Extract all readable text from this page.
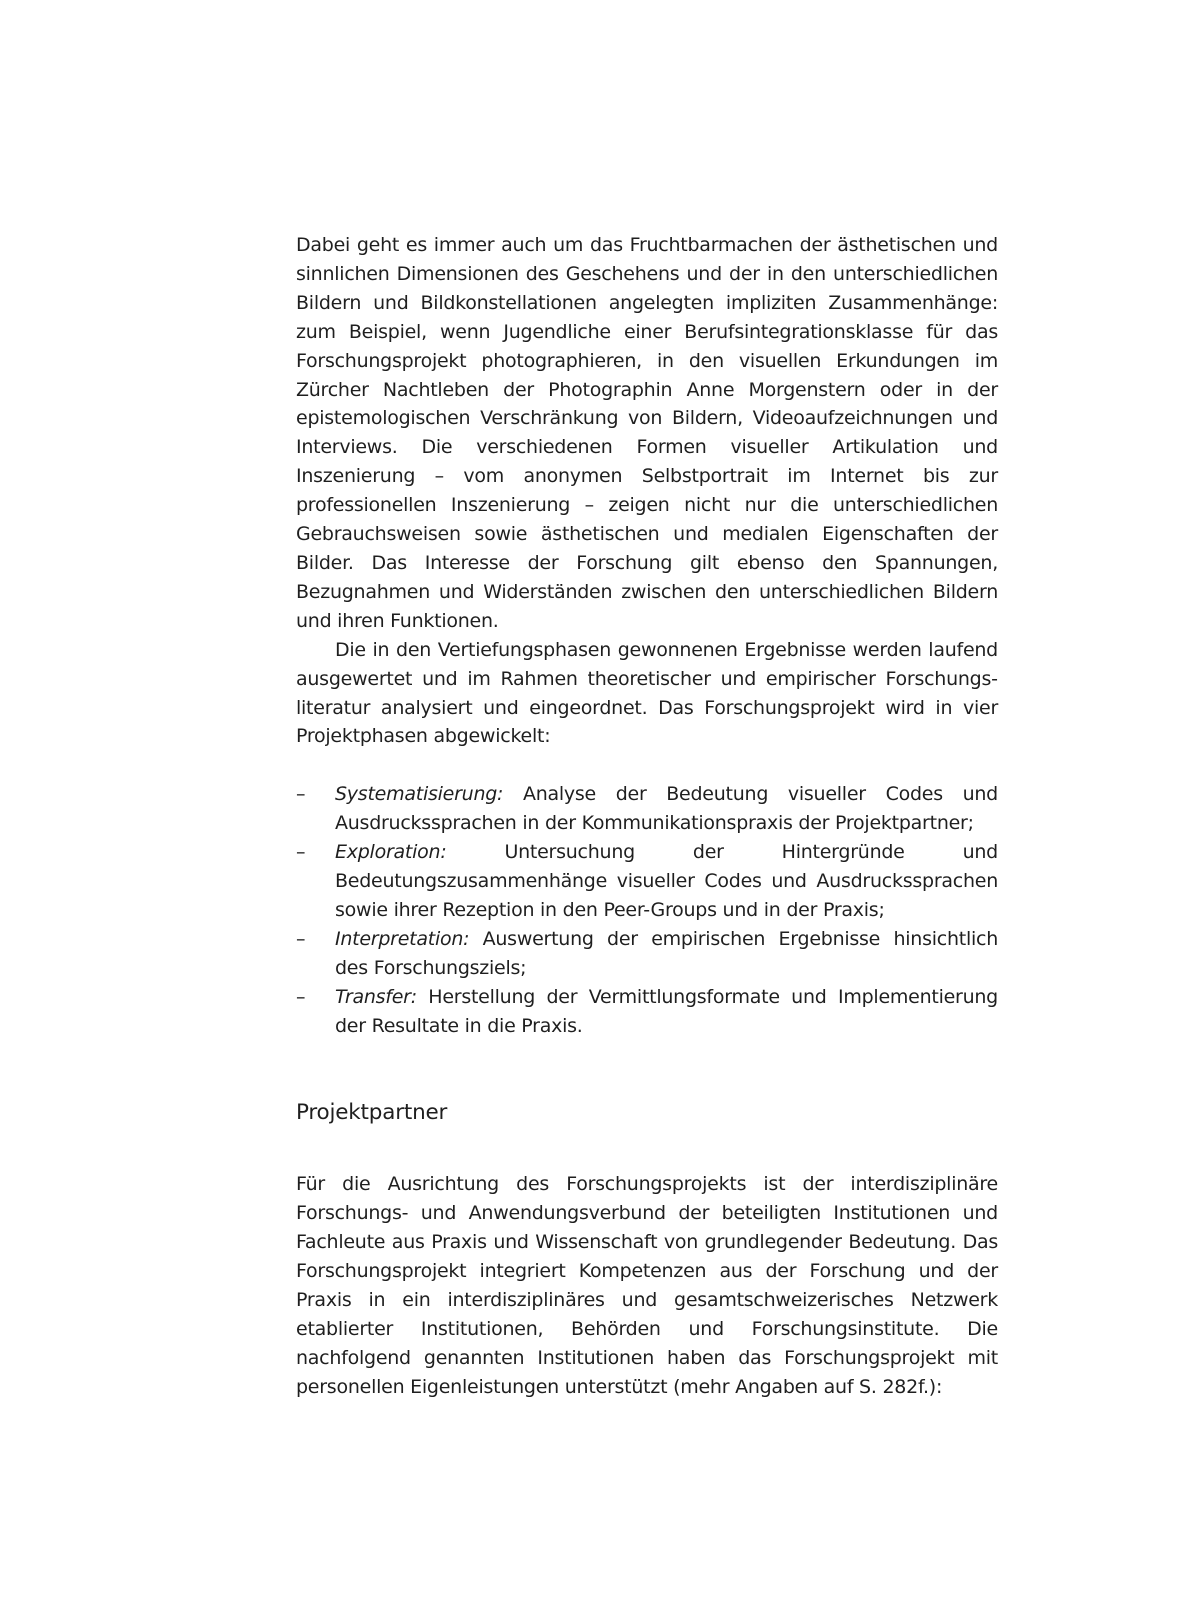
Dabei geht es immer auch um das Fruchtbarmachen der ästhetischen und sinnlichen Dimensionen des Geschehens und der in den unterschiedlichen Bildern und Bildkonstellationen angelegten impliziten Zusammenhänge: zum Beispiel, wenn Jugendliche einer Berufsintegrationsklasse für das Forschungsprojekt photographieren, in den visuellen Erkundungen im Zürcher Nachtleben der Photographin Anne Morgenstern oder in der epistemologischen Verschränkung von Bildern, Videoaufzeichnungen und Interviews. Die verschiedenen Formen visueller Artikulation und Inszenierung – vom anonymen Selbstportrait im Internet bis zur professionellen Inszenierung – zeigen nicht nur die unterschiedlichen Gebrauchsweisen sowie ästhetischen und medialen Eigenschaften der Bilder. Das Interesse der Forschung gilt ebenso den Spannungen, Bezugnahmen und Widerständen zwischen den unterschiedlichen Bildern und ihren Funktionen.

Die in den Vertiefungsphasen gewonnenen Ergebnisse werden laufend ausgewertet und im Rahmen theoretischer und empirischer Forschungsliteratur analysiert und eingeordnet. Das Forschungsprojekt wird in vier Projektphasen abgewickelt:

– Systematisierung: Analyse der Bedeutung visueller Codes und Ausdruckssprachen in der Kommunikationspraxis der Projektpartner;
– Exploration: Untersuchung der Hintergründe und Bedeutungszusammenhänge visueller Codes und Ausdruckssprachen sowie ihrer Rezeption in den Peer-Groups und in der Praxis;
– Interpretation: Auswertung der empirischen Ergebnisse hinsichtlich des Forschungsziels;
– Transfer: Herstellung der Vermittlungsformate und Implementierung der Resultate in die Praxis.
Projektpartner

Für die Ausrichtung des Forschungsprojekts ist der interdisziplinäre Forschungs- und Anwendungsverbund der beteiligten Institutionen und Fachleute aus Praxis und Wissenschaft von grundlegender Bedeutung. Das Forschungsprojekt integriert Kompetenzen aus der Forschung und der Praxis in ein interdisziplinäres und gesamtschweizerisches Netzwerk etablierter Institutionen, Behörden und Forschungsinstitute. Die nachfolgend genannten Institutionen haben das Forschungsprojekt mit personellen Eigenleistungen unterstützt (mehr Angaben auf S. 282f.):
